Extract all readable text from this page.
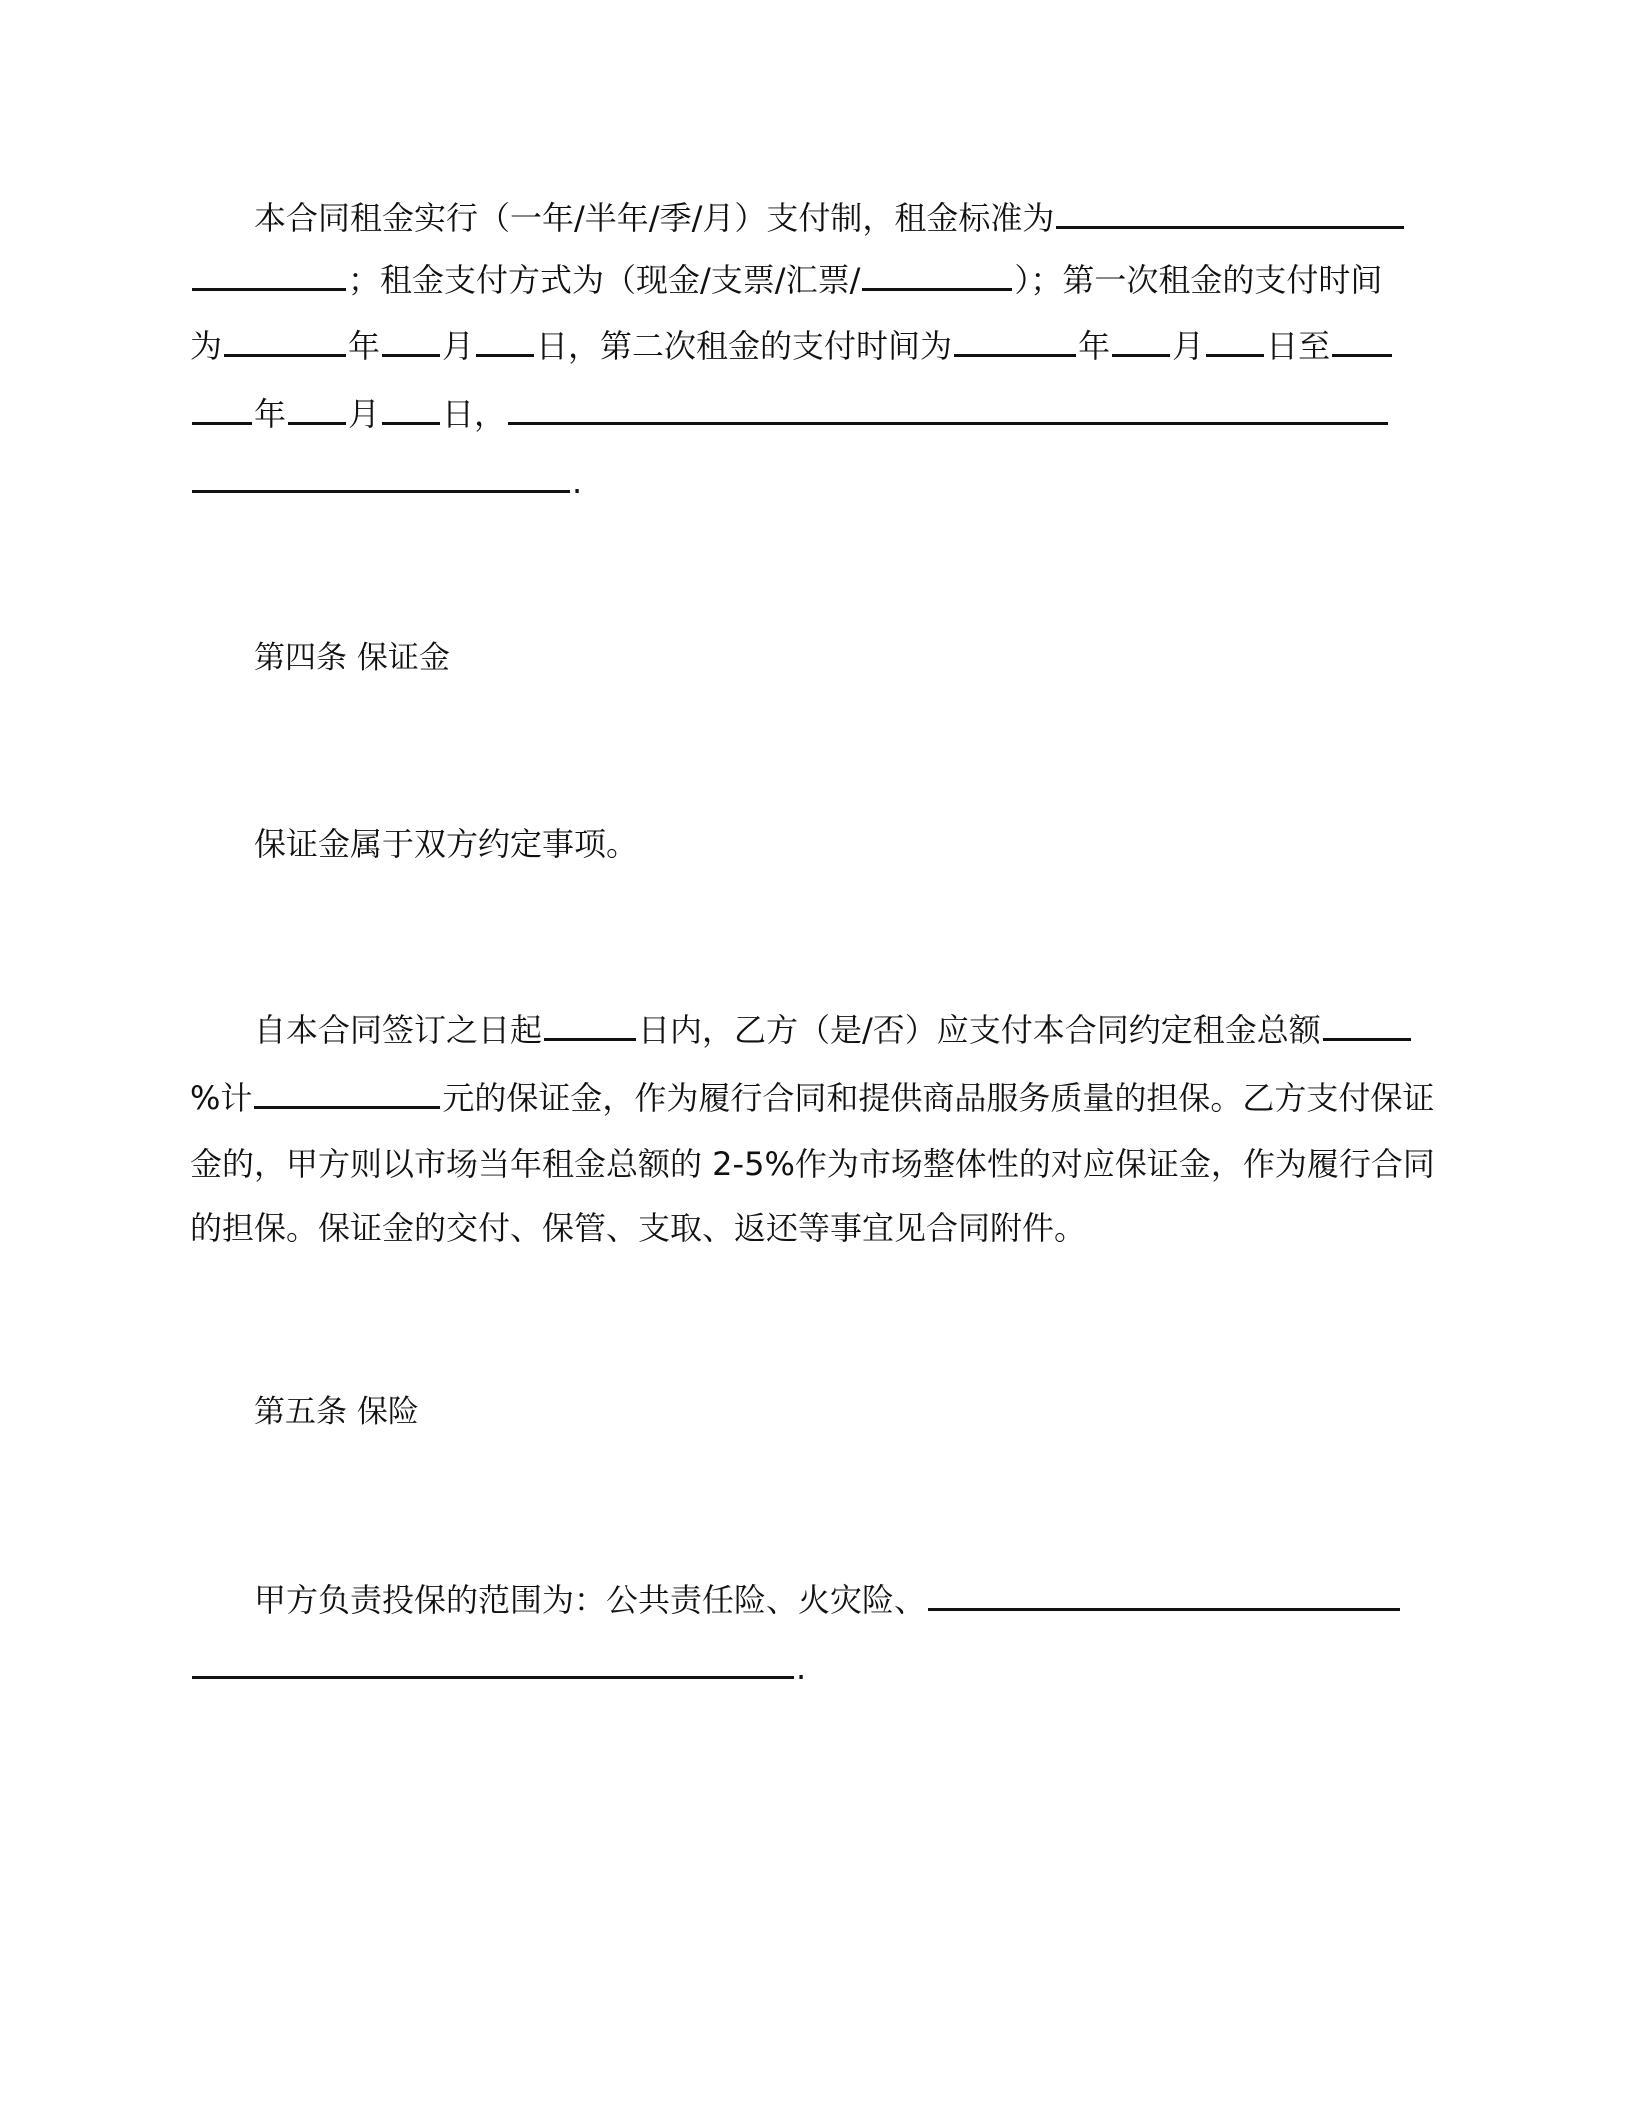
本合同租金实行（一年/半年/季/月）支付制，租金标准为
；租金支付方式为（现金/支票/汇票/	）；第一次租金的支付时间
为	年 月 日，第二次租金的支付时间为	年 月 日至
年 月 日，
.
第四条 保证金
保证金属于双方约定事项。
自本合同签订之日起	日内，乙方（是/否）应支付本合同约定租金总额
%计	元的保证金，作为履行合同和提供商品服务质量的担保。乙方支付保证
金的，甲方则以市场当年租金总额的 2-5%作为市场整体性的对应保证金，作为履行合同
的担保。保证金的交付、保管、支取、返还等事宜见合同附件。
第五条 保险
甲方负责投保的范围为：公共责任险、火灾险、
.
